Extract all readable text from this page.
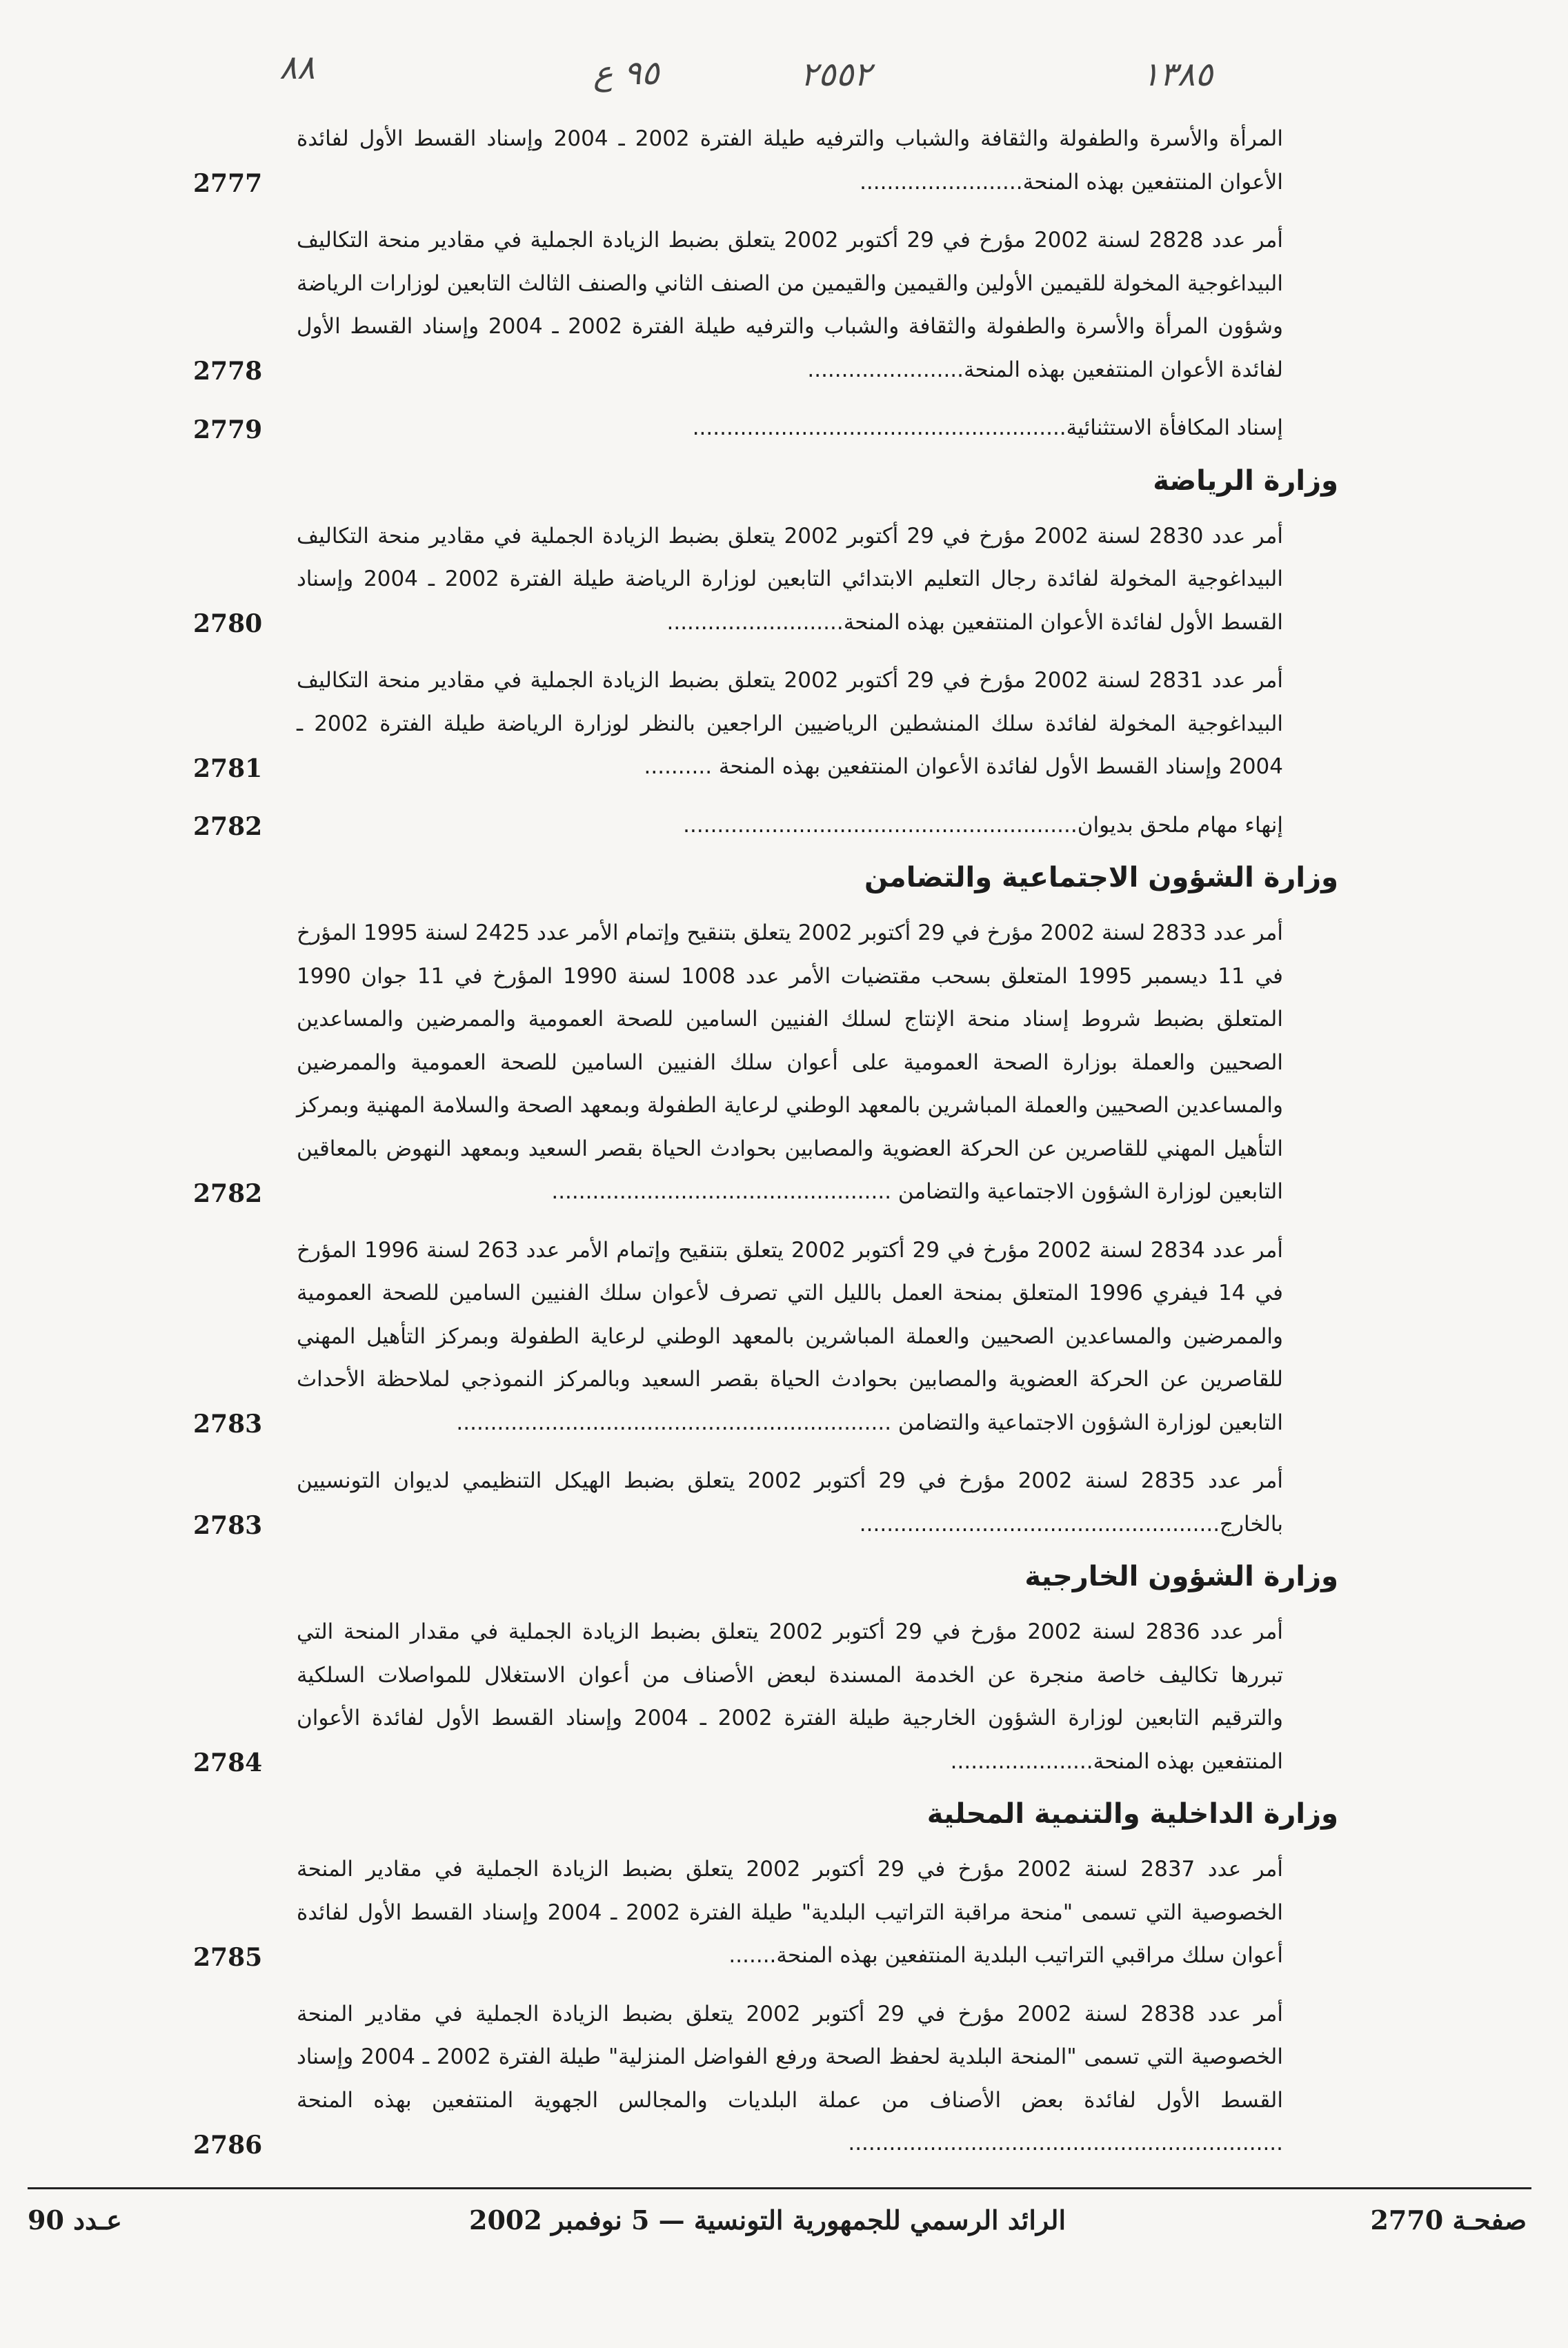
٨٨	٩٥ ع	٢٥٥٢	١٣٨٥
المرأة والأسرة والطفولة والثقافة والشباب والترفيه طيلة الفترة 2002 ـ 2004 وإسناد القسط الأول لفائدة الأعوان المنتفعين بهذه المنحة........................
2777
أمر عدد 2828 لسنة 2002 مؤرخ في 29 أكتوبر 2002 يتعلق بضبط الزيادة الجملية في مقادير منحة التكاليف البيداغوجية المخولة للقيمين الأولين والقيمين والقيمين من الصنف الثاني والصنف الثالث التابعين لوزارات الرياضة وشؤون المرأة والأسرة والطفولة والثقافة والشباب والترفيه طيلة الفترة 2002 ـ 2004 وإسناد القسط الأول لفائدة الأعوان المنتفعين بهذه المنحة.......................
2778
إسناد المكافأة الاستثنائية.......................................................
2779
وزارة الرياضة
أمر عدد 2830 لسنة 2002 مؤرخ في 29 أكتوبر 2002 يتعلق بضبط الزيادة الجملية في مقادير منحة التكاليف البيداغوجية المخولة لفائدة رجال التعليم الابتدائي التابعين لوزارة الرياضة طيلة الفترة 2002 ـ 2004 وإسناد القسط الأول لفائدة الأعوان المنتفعين بهذه المنحة..........................
2780
أمر عدد 2831 لسنة 2002 مؤرخ في 29 أكتوبر 2002 يتعلق بضبط الزيادة الجملية في مقادير منحة التكاليف البيداغوجية المخولة لفائدة سلك المنشطين الرياضيين الراجعين بالنظر لوزارة الرياضة طيلة الفترة 2002 ـ 2004 وإسناد القسط الأول لفائدة الأعوان المنتفعين بهذه المنحة ..........
2781
إنهاء مهام ملحق بديوان..........................................................
2782
وزارة الشؤون الاجتماعية والتضامن
أمر عدد 2833 لسنة 2002 مؤرخ في 29 أكتوبر 2002 يتعلق بتنقيح وإتمام الأمر عدد 2425 لسنة 1995 المؤرخ في 11 ديسمبر 1995 المتعلق بسحب مقتضيات الأمر عدد 1008 لسنة 1990 المؤرخ في 11 جوان 1990 المتعلق بضبط شروط إسناد منحة الإنتاج لسلك الفنيين السامين للصحة العمومية والممرضين والمساعدين الصحيين والعملة بوزارة الصحة العمومية على أعوان سلك الفنيين السامين للصحة العمومية والممرضين والمساعدين الصحيين والعملة المباشرين بالمعهد الوطني لرعاية الطفولة وبمعهد الصحة والسلامة المهنية وبمركز التأهيل المهني للقاصرين عن الحركة العضوية والمصابين بحوادث الحياة بقصر السعيد وبمعهد النهوض بالمعاقين التابعين لوزارة الشؤون الاجتماعية والتضامن ..................................................
2782
أمر عدد 2834 لسنة 2002 مؤرخ في 29 أكتوبر 2002 يتعلق بتنقيح وإتمام الأمر عدد 263 لسنة 1996 المؤرخ في 14 فيفري 1996 المتعلق بمنحة العمل بالليل التي تصرف لأعوان سلك الفنيين السامين للصحة العمومية والممرضين والمساعدين الصحيين والعملة المباشرين بالمعهد الوطني لرعاية الطفولة وبمركز التأهيل المهني للقاصرين عن الحركة العضوية والمصابين بحوادث الحياة بقصر السعيد وبالمركز النموذجي لملاحظة الأحداث التابعين لوزارة الشؤون الاجتماعية والتضامن ................................................................
2783
أمر عدد 2835 لسنة 2002 مؤرخ في 29 أكتوبر 2002 يتعلق بضبط الهيكل التنظيمي لديوان التونسيين بالخارج.....................................................
2783
وزارة الشؤون الخارجية
أمر عدد 2836 لسنة 2002 مؤرخ في 29 أكتوبر 2002 يتعلق بضبط الزيادة الجملية في مقدار المنحة التي تبررها تكاليف خاصة منجرة عن الخدمة المسندة لبعض الأصناف من أعوان الاستغلال للمواصلات السلكية والترقيم التابعين لوزارة الشؤون الخارجية طيلة الفترة 2002 ـ 2004 وإسناد القسط الأول لفائدة الأعوان المنتفعين بهذه المنحة.....................
2784
وزارة الداخلية والتنمية المحلية
أمر عدد 2837 لسنة 2002 مؤرخ في 29 أكتوبر 2002 يتعلق بضبط الزيادة الجملية في مقادير المنحة الخصوصية التي تسمى "منحة مراقبة التراتيب البلدية" طيلة الفترة 2002 ـ 2004 وإسناد القسط الأول لفائدة أعوان سلك مراقبي التراتيب البلدية المنتفعين بهذه المنحة.......
2785
أمر عدد 2838 لسنة 2002 مؤرخ في 29 أكتوبر 2002 يتعلق بضبط الزيادة الجملية في مقادير المنحة الخصوصية التي تسمى "المنحة البلدية لحفظ الصحة ورفع الفواضل المنزلية" طيلة الفترة 2002 ـ 2004 وإسناد القسط الأول لفائدة بعض الأصناف من عملة البلديات والمجالس الجهوية المنتفعين بهذه المنحة ................................................................
2786
عـدد 90	الرائد الرسمي للجمهورية التونسية — 5 نوفمبر 2002	صفحـة 2770
